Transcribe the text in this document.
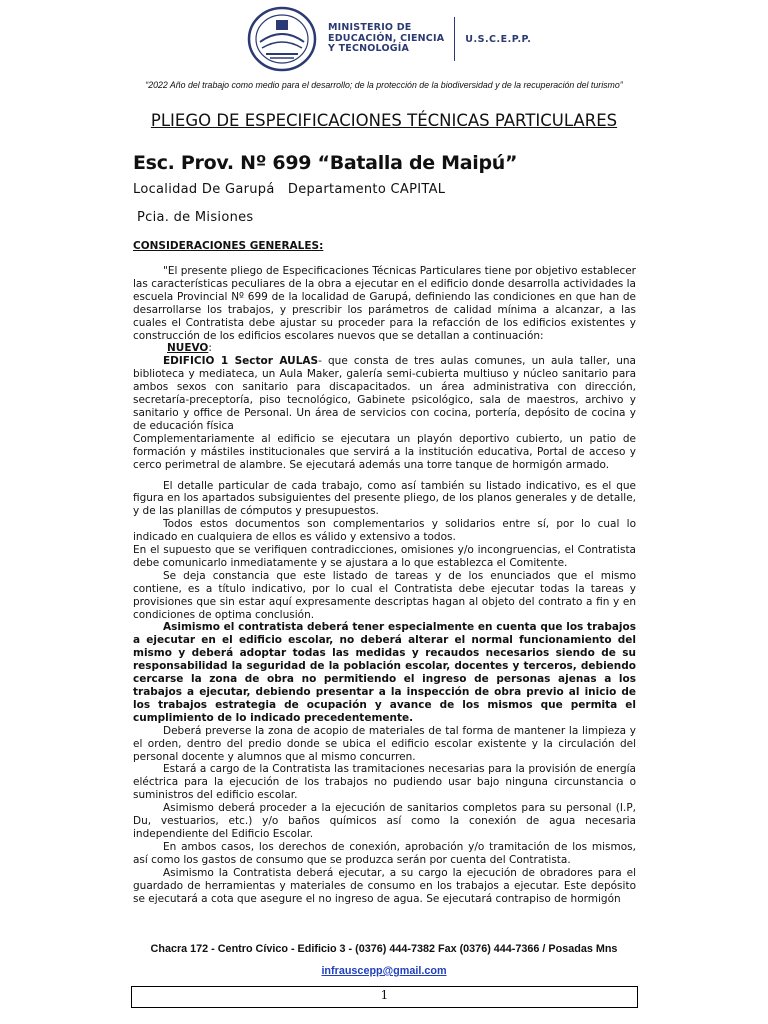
MINISTERIO DE
EDUCACIÓN, CIENCIA
Y TECNOLOGÍA
U.S.C.E.P.P.
“2022 Año del trabajo como medio para el desarrollo; de la protección de la biodiversidad y de la recuperación del turismo”
PLIEGO DE ESPECIFICACIONES TÉCNICAS PARTICULARES
Esc. Prov. Nº 699 “Batalla de Maipú”
Localidad De Garupá   Departamento CAPITAL
Pcia. de Misiones
CONSIDERACIONES GENERALES:

"El presente pliego de Especificaciones Técnicas Particulares tiene por objetivo establecer las características peculiares de la obra a ejecutar en el edificio donde desarrolla actividades la escuela Provincial Nº 699 de la localidad de Garupá, definiendo las condiciones en que han de desarrollarse los trabajos, y prescribir los parámetros de calidad mínima a alcanzar, a las cuales el Contratista debe ajustar su proceder para la refacción de los edificios existentes y construcción de los edificios escolares nuevos que se detallan a continuación:

NUEVO:

EDIFICIO 1 Sector AULAS- que consta de tres aulas comunes, un aula taller, una biblioteca y mediateca, un Aula Maker, galería semi-cubierta multiuso y núcleo sanitario para ambos sexos con sanitario para discapacitados. un área administrativa con dirección, secretaría-preceptoría, piso tecnológico, Gabinete psicológico, sala de maestros, archivo y sanitario y office de Personal. Un área de servicios con cocina, portería, depósito de cocina y de educación física

Complementariamente al edificio se ejecutara un playón deportivo cubierto, un patio de formación y mástiles institucionales que servirá a la institución educativa, Portal de acceso y cerco perimetral de alambre. Se ejecutará además una torre tanque de hormigón armado.

El detalle particular de cada trabajo, como así también su listado indicativo, es el que figura en los apartados subsiguientes del presente pliego, de los planos generales y de detalle, y de las planillas de cómputos y presupuestos.

Todos estos documentos son complementarios y solidarios entre sí, por lo cual lo indicado en cualquiera de ellos es válido y extensivo a todos.

En el supuesto que se verifiquen contradicciones, omisiones y/o incongruencias, el Contratista debe comunicarlo inmediatamente y se ajustara a lo que establezca el Comitente.

Se deja constancia que este listado de tareas y de los enunciados que el mismo contiene, es a título indicativo, por lo cual el Contratista debe ejecutar todas la tareas y provisiones que sin estar aquí expresamente descriptas hagan al objeto del contrato a fin y en condiciones de optima conclusión.

Asimismo el contratista deberá tener especialmente en cuenta que los trabajos a ejecutar en el edificio escolar, no deberá alterar el normal funcionamiento del mismo y deberá adoptar todas las medidas y recaudos necesarios siendo de su responsabilidad la seguridad de la población escolar, docentes y terceros, debiendo cercarse la zona de obra no permitiendo el ingreso de personas ajenas a los trabajos a ejecutar, debiendo presentar a la inspección de obra previo al inicio de los trabajos estrategia de ocupación y avance de los mismos que permita el cumplimiento de lo indicado precedentemente.

Deberá preverse la zona de acopio de materiales de tal forma de mantener la limpieza y el orden, dentro del predio donde se ubica el edificio escolar existente y la circulación del personal docente y alumnos que al mismo concurren.

Estará a cargo de la Contratista las tramitaciones necesarias para la provisión de energía eléctrica para la ejecución de los trabajos no pudiendo usar bajo ninguna circunstancia o suministros del edificio escolar.

Asimismo deberá proceder a la ejecución de sanitarios completos para su personal (I.P, Du, vestuarios, etc.) y/o baños químicos así como la conexión de agua necesaria independiente del Edificio Escolar.

En ambos casos, los derechos de conexión, aprobación y/o tramitación de los mismos, así como los gastos de consumo que se produzca serán por cuenta del Contratista.

Asimismo la Contratista deberá ejecutar, a su cargo la ejecución de obradores para el guardado de herramientas y materiales de consumo en los trabajos a ejecutar. Este depósito se ejecutará a cota que asegure el no ingreso de agua. Se ejecutará contrapiso de hormigón

Chacra 172 - Centro Cívico - Edificio 3 - (0376) 444-7382 Fax (0376) 444-7366 / Posadas Mns
infrauscepp@gmail.com
1
